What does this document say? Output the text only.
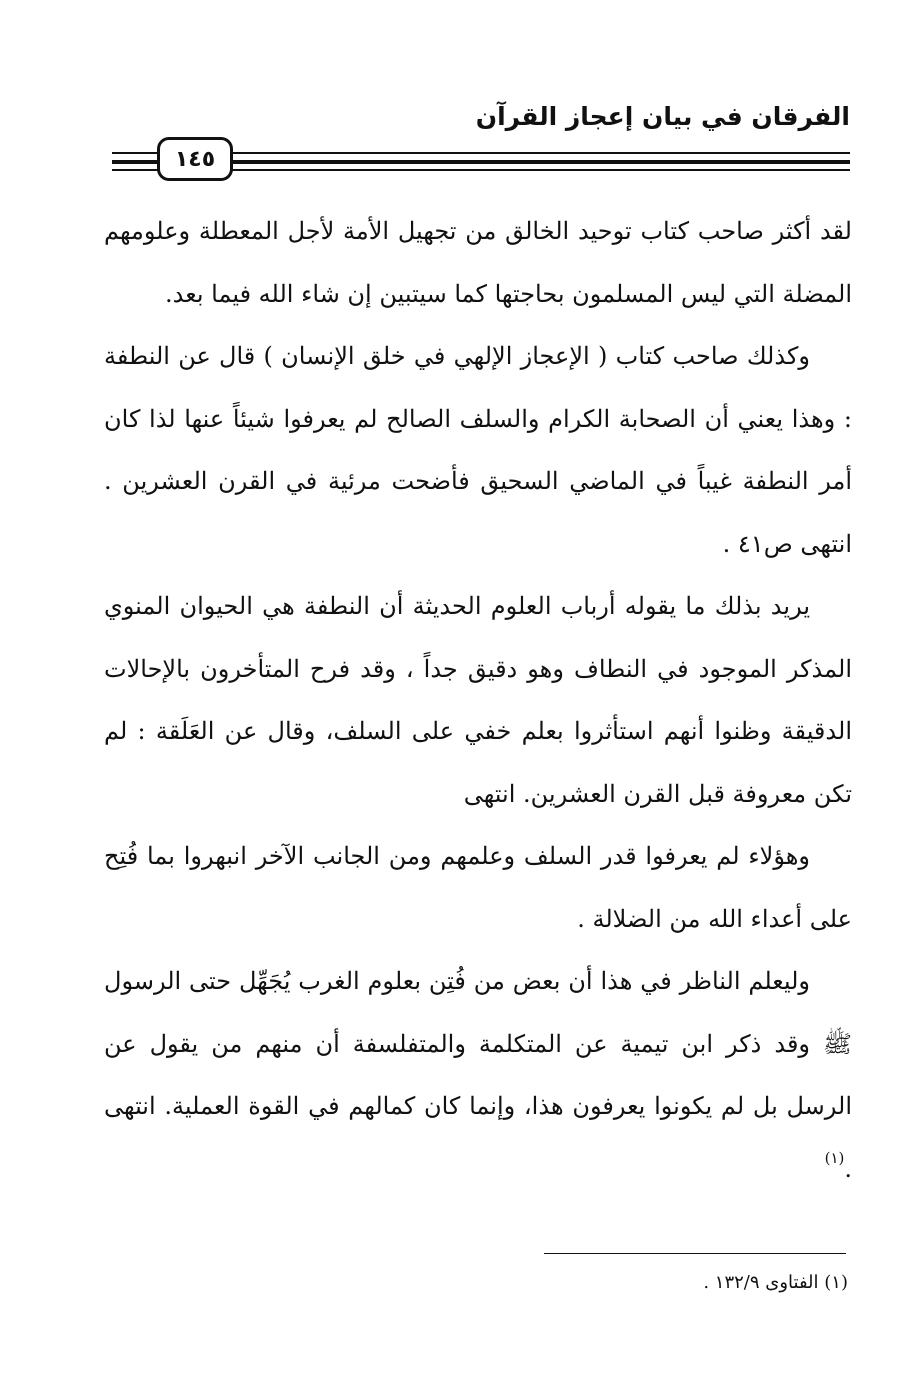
الفرقان في بيان إعجاز القرآن
١٤٥

لقد أكثر صاحب كتاب توحيد الخالق من تجهيل الأمة لأجل المعطلة وعلومهم المضلة التي ليس المسلمون بحاجتها كما سيتبين إن شاء الله فيما بعد.

وكذلك صاحب كتاب ( الإعجاز الإلهي في خلق الإنسان ) قال عن النطفة : وهذا يعني أن الصحابة الكرام والسلف الصالح لم يعرفوا شيئاً عنها لذا كان أمر النطفة غيباً في الماضي السحيق فأضحت مرئية في القرن العشرين . انتهى ص٤١ .

يريد بذلك ما يقوله أرباب العلوم الحديثة أن النطفة هي الحيوان المنوي المذكر الموجود في النطاف وهو دقيق جداً ، وقد فرح المتأخرون بالإحالات الدقيقة وظنوا أنهم استأثروا بعلم خفي على السلف، وقال عن العَلَقة : لم تكن معروفة قبل القرن العشرين. انتهى

وهؤلاء لم يعرفوا قدر السلف وعلمهم ومن الجانب الآخر انبهروا بما فُتِح على أعداء الله من الضلالة .

وليعلم الناظر في هذا أن بعض من فُتِن بعلوم الغرب يُجَهِّل حتى الرسول ﷺ وقد ذكر ابن تيمية عن المتكلمة والمتفلسفة أن منهم من يقول عن الرسل بل لم يكونوا يعرفون هذا، وإنما كان كمالهم في القوة العملية. انتهى .$^{(١)}$

(١) الفتاوى ١٣٢/٩ .
